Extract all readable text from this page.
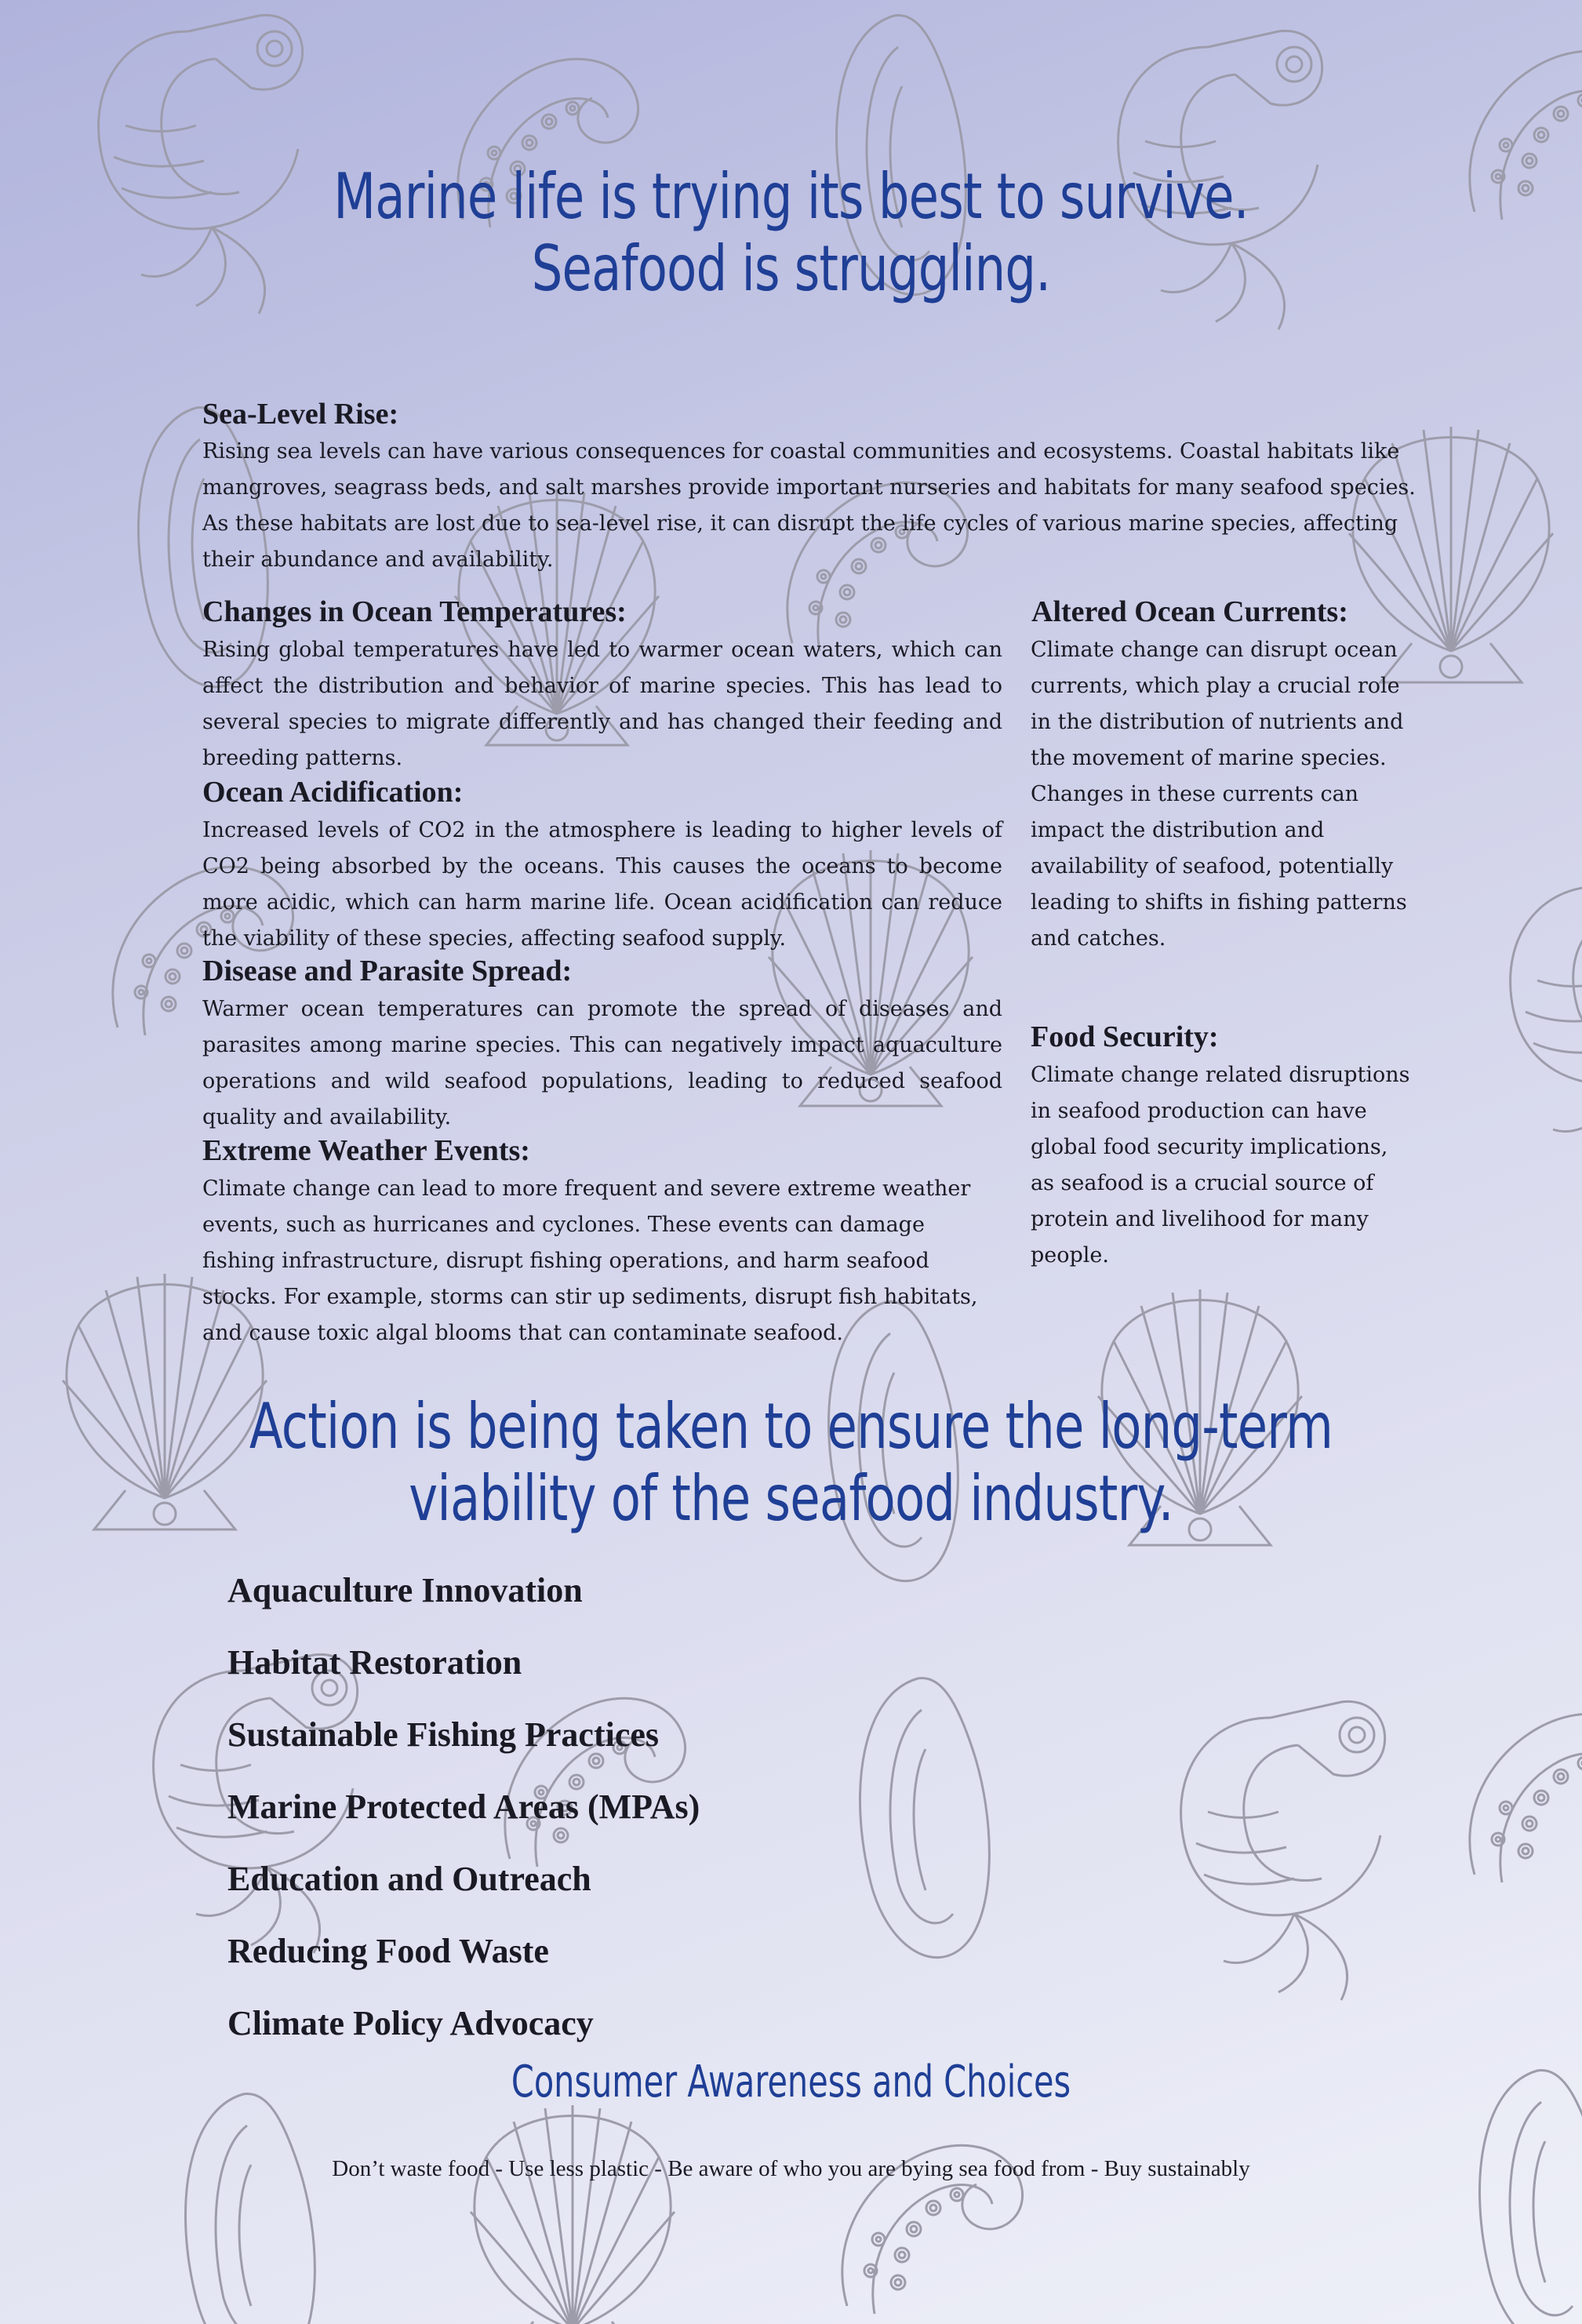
Marine life is trying its best to survive.
Seafood is struggling.
Sea-Level Rise:
Rising sea levels can have various consequences for coastal communities and ecosystems. Coastal habitats like mangroves, seagrass beds, and salt marshes provide important nurseries and habitats for many seafood species. As these habitats are lost due to sea-level rise, it can disrupt the life cycles of various marine species, affecting their abundance and availability.
Changes in Ocean Temperatures:
Rising global temperatures have led to warmer ocean waters, which can affect the distribution and behavior of marine species. This has lead to several species to migrate differently and has changed their feeding and breeding patterns.
Ocean Acidification:
Increased levels of CO2 in the atmosphere is leading to higher levels of CO2 being absorbed by the oceans. This causes the oceans to become more acidic, which can harm marine life. Ocean acidification can reduce the viability of these species, affecting seafood supply.
Disease and Parasite Spread:
Warmer ocean temperatures can promote the spread of diseases and parasites among marine species. This can negatively impact aquaculture operations and wild seafood populations, leading to reduced seafood quality and availability.
Extreme Weather Events:
Climate change can lead to more frequent and severe extreme weather events, such as hurricanes and cyclones. These events can damage fishing infrastructure, disrupt fishing operations, and harm seafood stocks. For example, storms can stir up sediments, disrupt fish habitats, and cause toxic algal blooms that can contaminate seafood.
Altered Ocean Currents:
Climate change can disrupt ocean currents, which play a crucial role in the distribution of nutrients and the movement of marine species. Changes in these currents can impact the distribution and availability of seafood, potentially leading to shifts in fishing patterns and catches.
Food Security:
Climate change related disruptions in seafood production can have global food security implications, as seafood is a crucial source of protein and livelihood for many people.
Action is being taken to ensure the long-term
viability of the seafood industry.
Aquaculture Innovation
Habitat Restoration
Sustainable Fishing Practices
Marine Protected Areas (MPAs)
Education and Outreach
Reducing Food Waste
Climate Policy Advocacy
Consumer Awareness and Choices
Don’t waste food - Use less plastic - Be aware of who you are bying sea food from - Buy sustainably
